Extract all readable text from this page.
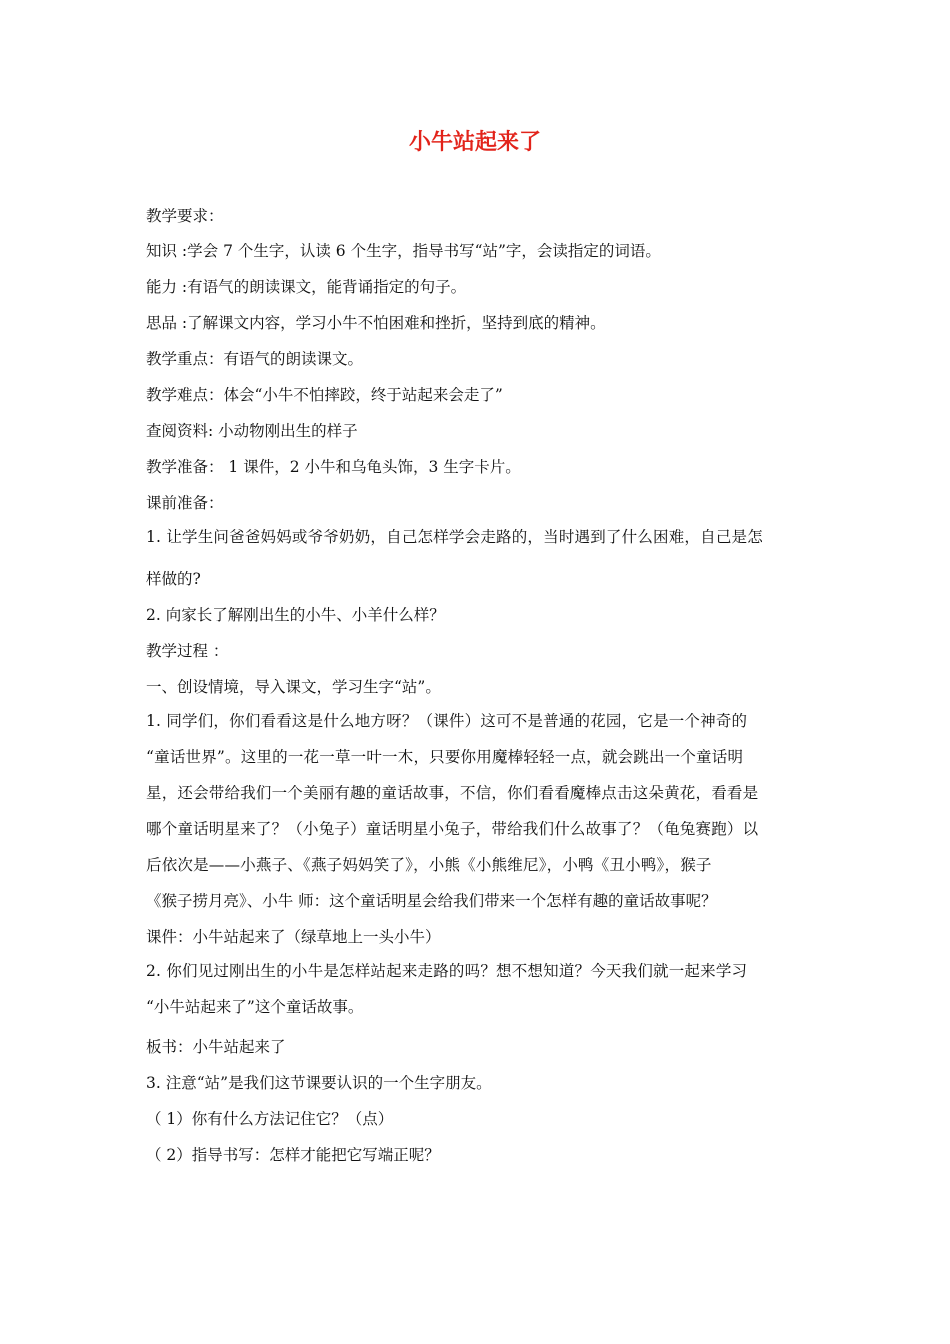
小牛站起来了

教学要求：

知识 :学会 7 个生字，认读 6 个生字，指导书写“站”字，会读指定的词语。

能力 :有语气的朗读课文，能背诵指定的句子。

思品 :了解课文内容，学习小牛不怕困难和挫折，坚持到底的精神。

教学重点：有语气的朗读课文。

教学难点：体会“小牛不怕摔跤，终于站起来会走了”

查阅资料: 小动物刚出生的样子

教学准备： 1 课件，2 小牛和乌龟头饰，3 生字卡片。

课前准备：

1. 让学生问爸爸妈妈或爷爷奶奶，自己怎样学会走路的，当时遇到了什么困难，自己是怎

样做的?

2. 向家长了解刚出生的小牛、小羊什么样？

教学过程 ：

一、创设情境，导入课文，学习生字“站”。

1. 同学们，你们看看这是什么地方呀？（课件）这可不是普通的花园，它是一个神奇的

“童话世界”。这里的一花一草一叶一木，只要你用魔棒轻轻一点，就会跳出一个童话明

星，还会带给我们一个美丽有趣的童话故事，不信，你们看看魔棒点击这朵黄花，看看是

哪个童话明星来了？（小兔子）童话明星小兔子，带给我们什么故事了？（龟兔赛跑）以

后依次是——小燕子、《燕子妈妈笑了》，小熊《小熊维尼》，小鸭《丑小鸭》，猴子

《猴子捞月亮》、小牛 师：这个童话明星会给我们带来一个怎样有趣的童话故事呢？

课件：小牛站起来了（绿草地上一头小牛）

2. 你们见过刚出生的小牛是怎样站起来走路的吗？想不想知道？今天我们就一起来学习

“小牛站起来了”这个童话故事。

板书：小牛站起来了

3. 注意“站”是我们这节课要认识的一个生字朋友。

（ 1）你有什么方法记住它？（点）

（ 2）指导书写：怎样才能把它写端正呢？
